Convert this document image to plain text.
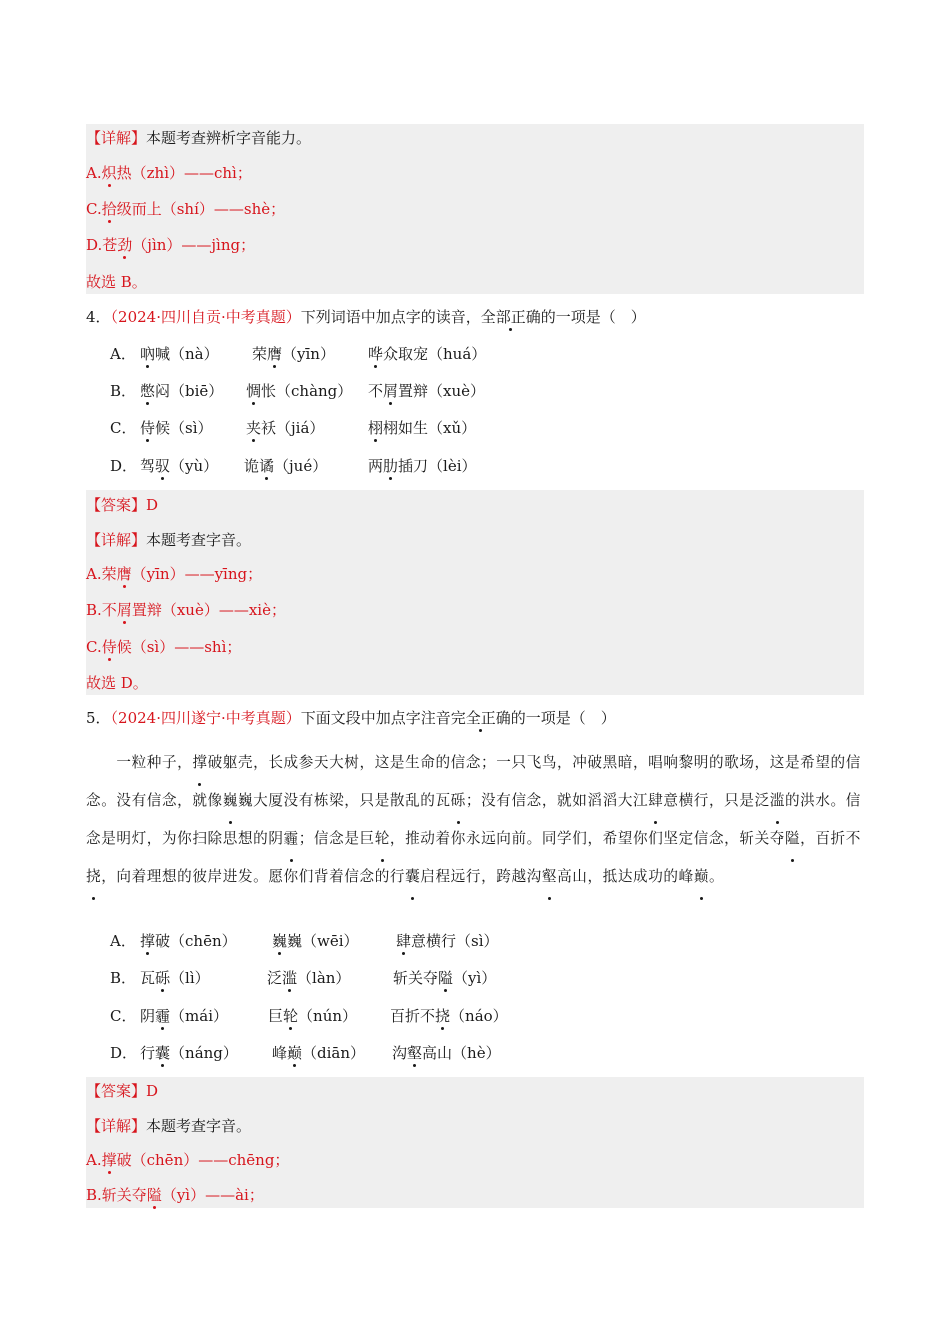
【详解】本题考查辨析字音能力。
A.炽热（zhì）——chì；
C.拾级而上（shí）——shè；
D.苍劲（jìn）——jìng；
故选 B。
4．（2024·四川自贡·中考真题）下列词语中加点字的读音，全部正确的一项是（　）
A． 吶喊（nà） 荣膺（yīn） 哗众取宠（huá）
B． 憋闷（biē） 惆怅（chàng） 不屑置辩（xuè）
C． 侍候（sì） 夹袄（jiá）	栩栩如生（xǔ）
D． 驾驭（yù） 诡谲（jué）	两肋插刀（lèi）
【答案】D
【详解】本题考查字音。
A.荣膺（yīn）——yīng；
B.不屑置辩（xuè）——xiè；
C.侍候（sì）——shì；
故选 D。
5．（2024·四川遂宁·中考真题）下面文段中加点字注音完全正确的一项是（　）
　　一粒种子，撑破躯壳，长成参天大树，这是生命的信念；一只飞鸟，冲破黑暗，唱响黎明的歌场，这是希望的信念。没有信念，就像巍巍大厦没有栋梁，只是散乱的瓦砾；没有信念，就如滔滔大江肆意横行，只是泛滥的洪水。信念是明灯，为你扫除思想的阴霾；信念是巨轮，推动着你永远向前。同学们，希望你们坚定信念，斩关夺隘，百折不挠，向着理想的彼岸进发。愿你们背着信念的行囊启程远行，跨越沟壑高山，抵达成功的峰巅。
A． 撑破（chēn） 巍巍（wēi） 肆意横行（sì）
B． 瓦砾（lì）	泛滥（làn）	斩关夺隘（yì）
C． 阴霾（mái）	巨轮（nún） 百折不挠（náo）
D． 行囊（náng） 峰巅（diān） 沟壑高山（hè）
【答案】D
【详解】本题考查字音。
A.撑破（chēn）——chēng；
B.斩关夺隘（yì）——ài；
